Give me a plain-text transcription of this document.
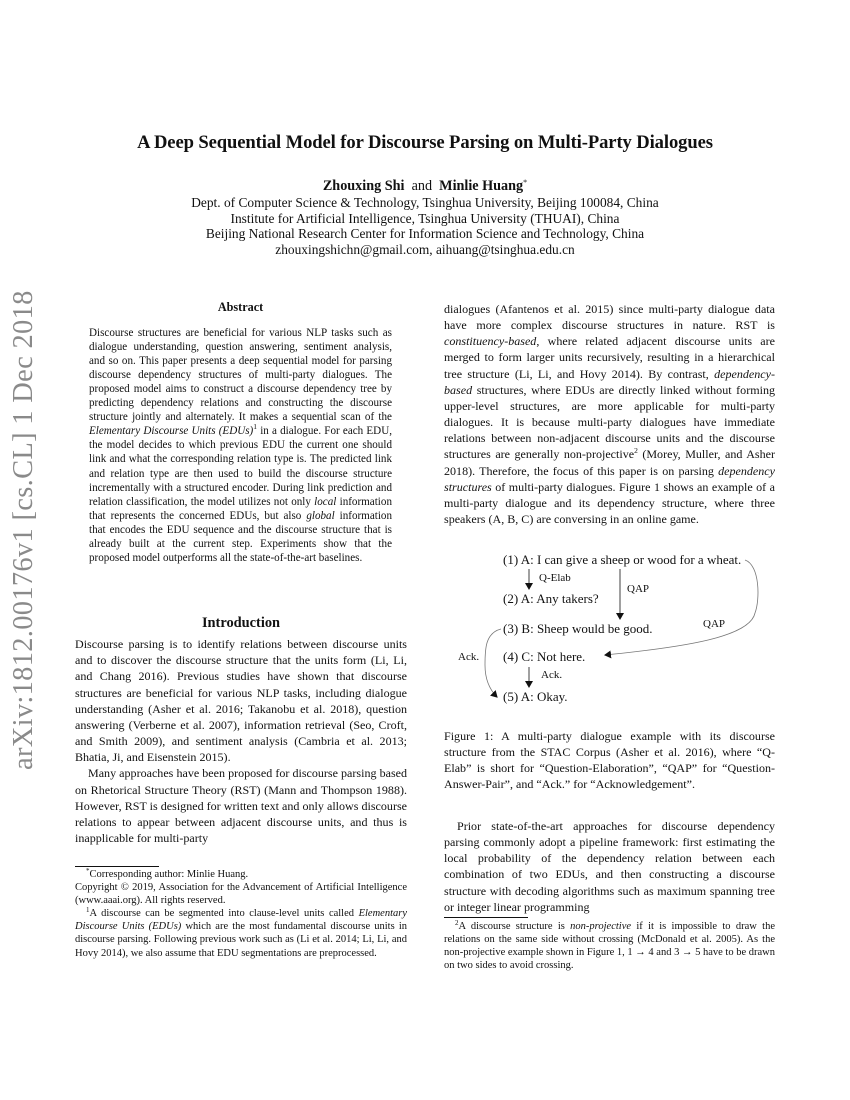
arXiv:1812.00176v1 [cs.CL] 1 Dec 2018
A Deep Sequential Model for Discourse Parsing on Multi-Party Dialogues
Zhouxing Shi and Minlie Huang*
Dept. of Computer Science & Technology, Tsinghua University, Beijing 100084, China
Institute for Artificial Intelligence, Tsinghua University (THUAI), China
Beijing National Research Center for Information Science and Technology, China
zhouxingshichn@gmail.com, aihuang@tsinghua.edu.cn

Abstract

Discourse structures are beneficial for various NLP tasks such as dialogue understanding, question answering, sentiment analysis, and so on. This paper presents a deep sequential model for parsing discourse dependency structures of multi-party dialogues. The proposed model aims to construct a discourse dependency tree by predicting dependency relations and constructing the discourse structure jointly and alternately. It makes a sequential scan of the Elementary Discourse Units (EDUs)$^1$ in a dialogue. For each EDU, the model decides to which previous EDU the current one should link and what the corresponding relation type is. The predicted link and relation type are then used to build the discourse structure incrementally with a structured encoder. During link prediction and relation classification, the model utilizes not only local information that represents the concerned EDUs, but also global information that encodes the EDU sequence and the discourse structure that is already built at the current step. Experiments show that the proposed model outperforms all the state-of-the-art baselines.

Introduction

Discourse parsing is to identify relations between discourse units and to discover the discourse structure that the units form (Li, Li, and Chang 2016). Previous studies have shown that discourse structures are beneficial for various NLP tasks, including dialogue understanding (Asher et al. 2016; Takanobu et al. 2018), question answering (Verberne et al. 2007), information retrieval (Seo, Croft, and Smith 2009), and sentiment analysis (Cambria et al. 2013; Bhatia, Ji, and Eisenstein 2015).

Many approaches have been proposed for discourse parsing based on Rhetorical Structure Theory (RST) (Mann and Thompson 1988). However, RST is designed for written text and only allows discourse relations to appear between adjacent discourse units, and thus is inapplicable for multi-party

*Corresponding author: Minlie Huang.

Copyright © 2019, Association for the Advancement of Artificial Intelligence (www.aaai.org). All rights reserved.

$^1$A discourse can be segmented into clause-level units called Elementary Discourse Units (EDUs) which are the most fundamental discourse units in discourse parsing. Following previous work such as (Li et al. 2014; Li, Li, and Hovy 2014), we also assume that EDU segmentations are preprocessed.

dialogues (Afantenos et al. 2015) since multi-party dialogue data have more complex discourse structures in nature. RST is constituency-based, where related adjacent discourse units are merged to form larger units recursively, resulting in a hierarchical tree structure (Li, Li, and Hovy 2014). By contrast, dependency-based structures, where EDUs are directly linked without forming upper-level structures, are more applicable for multi-party dialogues. It is because multi-party dialogues have immediate relations between non-adjacent discourse units and the discourse structures are generally non-projective$^2$ (Morey, Muller, and Asher 2018). Therefore, the focus of this paper is on parsing dependency structures of multi-party dialogues. Figure 1 shows an example of a multi-party dialogue and its dependency structure, where three speakers (A, B, C) are conversing in an online game.

(1) A: I can give a sheep or wood for a wheat.
(2) A: Any takers?
(3) B: Sheep would be good.
(4) C: Not here.
(5) A: Okay.
Q-Elab
QAP
QAP
Ack.
Ack.
Figure 1: A multi-party dialogue example with its discourse structure from the STAC Corpus (Asher et al. 2016), where “Q-Elab” is short for “Question-Elaboration”, “QAP” for “Question-Answer-Pair”, and “Ack.” for “Acknowledgement”.

Prior state-of-the-art approaches for discourse dependency parsing commonly adopt a pipeline framework: first estimating the local probability of the dependency relation between each combination of two EDUs, and then constructing a discourse structure with decoding algorithms such as maximum spanning tree or integer linear programming

$^2$A discourse structure is non-projective if it is impossible to draw the relations on the same side without crossing (McDonald et al. 2005). As the non-projective example shown in Figure 1, 1 → 4 and 3 → 5 have to be drawn on two sides to avoid crossing.
